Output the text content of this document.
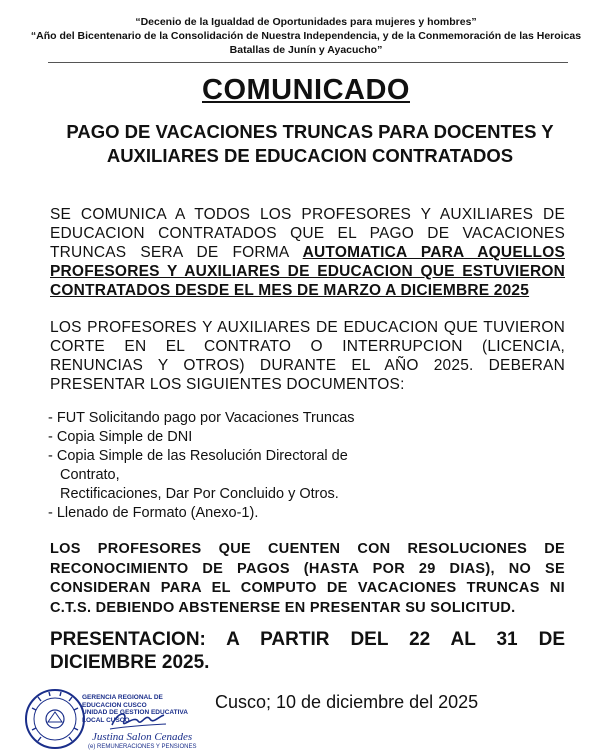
“Decenio de la Igualdad de Oportunidades para mujeres y hombres”
“Año del Bicentenario de la Consolidación de Nuestra Independencia, y de la Conmemoración de las Heroicas
Batallas de Junín y Ayacucho”
COMUNICADO
PAGO DE VACACIONES TRUNCAS PARA DOCENTES Y AUXILIARES DE EDUCACION CONTRATADOS
SE COMUNICA A TODOS LOS PROFESORES Y AUXILIARES DE EDUCACION CONTRATADOS QUE EL PAGO DE VACACIONES TRUNCAS SERA DE FORMA AUTOMATICA PARA AQUELLOS PROFESORES Y AUXILIARES DE EDUCACION QUE ESTUVIERON CONTRATADOS DESDE EL MES DE MARZO A DICIEMBRE 2025
LOS PROFESORES Y AUXILIARES DE EDUCACION QUE TUVIERON CORTE EN EL CONTRATO O INTERRUPCION (LICENCIA, RENUNCIAS Y OTROS) DURANTE EL AÑO 2025. DEBERAN PRESENTAR LOS SIGUIENTES DOCUMENTOS:
- FUT Solicitando pago por Vacaciones Truncas
- Copia Simple de DNI
- Copia Simple de las Resolución Directoral de
Contrato,
Rectificaciones, Dar Por Concluido y Otros.
- Llenado de Formato (Anexo-1).
LOS PROFESORES QUE CUENTEN CON RESOLUCIONES DE RECONOCIMIENTO DE PAGOS (HASTA POR 29 DIAS), NO SE CONSIDERAN PARA EL COMPUTO DE VACACIONES TRUNCAS NI C.T.S. DEBIENDO ABSTENERSE EN PRESENTAR SU SOLICITUD.
PRESENTACION: A PARTIR DEL 22 AL 31 DE DICIEMBRE 2025.
Cusco; 10 de diciembre del 2025
GERENCIA REGIONAL DE EDUCACION CUSCO
UNIDAD DE GESTION EDUCATIVA LOCAL CUSCO
Justina Salon Cenades
(e) REMUNERACIONES Y PENSIONES
